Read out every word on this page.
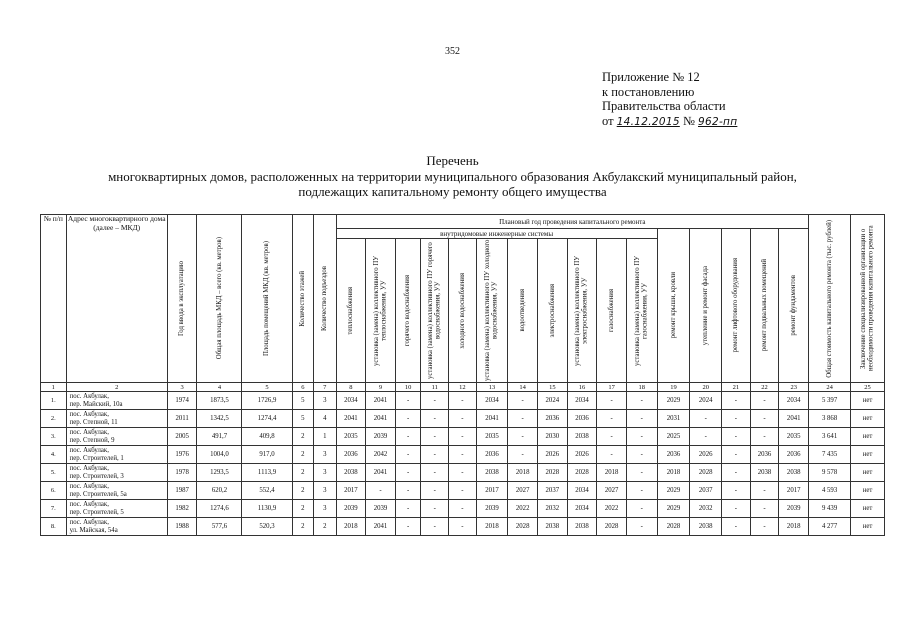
352
Приложение № 12
к постановлению
Правительства области
от 14.12.2015 № 962-пп
Перечень
многоквартирных домов, расположенных на территории муниципального образования Акбулакский муниципальный район,
подлежащих капитальному ремонту общего имущества
№ п/п	Адрес многоквартирного дома (далее – МКД)	Год ввода в эксплуатацию	Общая площадь МКД – всего (кв. метров)	Площадь помещений МКД (кв. метров)	Количество этажей	Количество подъездов	Плановый год проведения капитального ремонта																Общая стоимость капитального ремонта (тыс. рублей)	Заключение специализированной организации о необходимости проведения капитального ремонта

							внутридомовые инженерные системы											ремонт крыши, кровли	утепление и ремонт фасада	ремонт лифтового оборудования	ремонт подвальных помещений	ремонт фундаментов		

							теплоснабжения	установка (замена) коллективного ПУ теплоснабжения, УУ	горячего водоснабжения	установка (замена) коллективного ПУ горячего водоснабжения, УУ	холодного водоснабжения	установка (замена) коллективного ПУ холодного водоснабжения, УУ	водоотведения	электроснабжения	установка (замена) коллективного ПУ электроснабжения, УУ	газоснабжения	установка (замена) коллективного ПУ газоснабжения, УУ							

1	2	3	4	5	6	7	8	9	10	11	12	13	14	15	16	17	18	19	20	21	22	23	24	25
1.	пос. Акбулак,
пер. Майский, 10а	1974	1873,5	1726,9	5	3	2034	2041	-	-	-	2034	-	2024	2034	-	-	2029	2024	-	-	2034	5 397	нет
2.	пос. Акбулак,
пер. Степной, 11	2011	1342,5	1274,4	5	4	2041	2041	-	-	-	2041	-	2036	2036	-	-	2031	-	-	-	2041	3 868	нет
3.	пос. Акбулак,
пер. Степной, 9	2005	491,7	409,8	2	1	2035	2039	-	-	-	2035	-	2030	2038	-	-	2025	-	-	-	2035	3 641	нет
4.	пос. Акбулак,
пер. Строителей, 1	1976	1004,0	917,0	2	3	2036	2042	-	-	-	2036	-	2026	2026	-	-	2036	2026	-	2036	2036	7 435	нет
5.	пос. Акбулак,
пер. Строителей, 3	1978	1293,5	1113,9	2	3	2038	2041	-	-	-	2038	2018	2028	2028	2018	-	2018	2028	-	2038	2038	9 578	нет
6.	пос. Акбулак,
пер. Строителей, 5а	1987	620,2	552,4	2	3	2017	-	-	-	-	2017	2027	2037	2034	2027	-	2029	2037	-	-	2017	4 593	нет
7.	пос. Акбулак,
пер. Строителей, 5	1982	1274,6	1130,9	2	3	2039	2039	-	-	-	2039	2022	2032	2034	2022	-	2029	2032	-	-	2039	9 439	нет
8.	пос. Акбулак,
ул. Майская, 54а	1988	577,6	520,3	2	2	2018	2041	-	-	-	2018	2028	2038	2038	2028	-	2028	2038	-	-	2018	4 277	нет
